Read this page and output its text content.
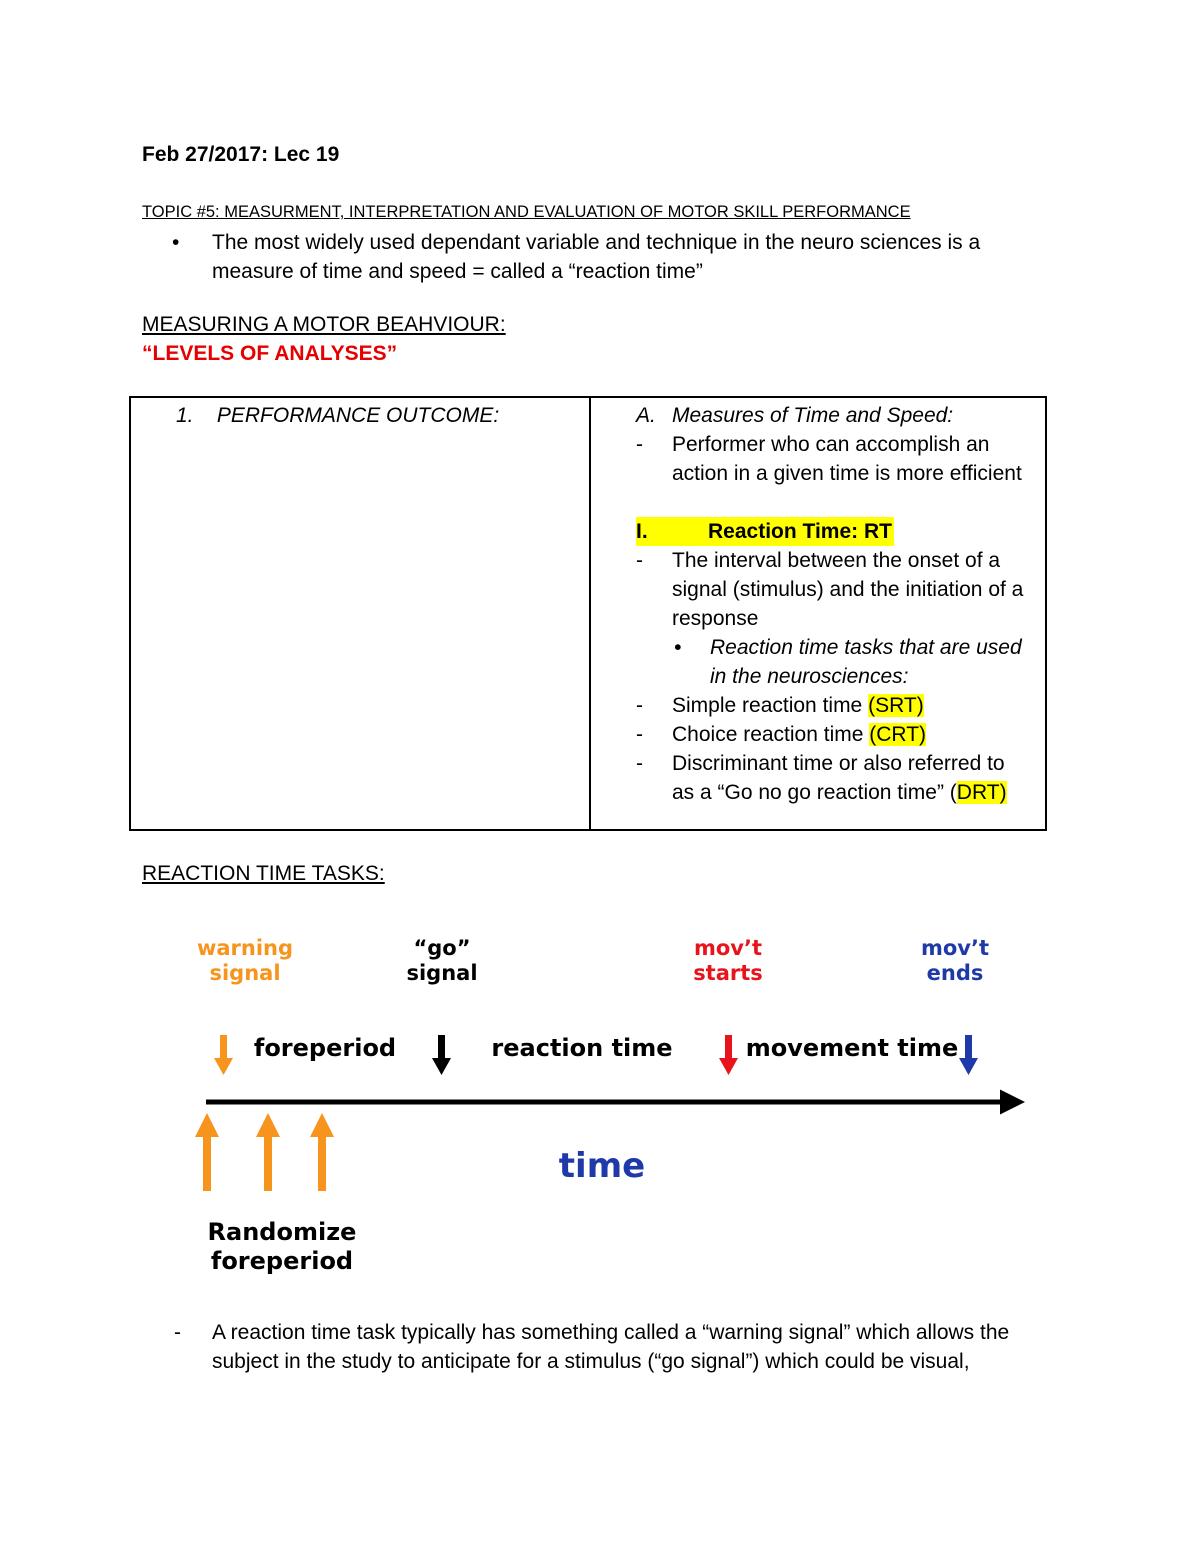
Feb 27/2017: Lec 19
TOPIC #5: MEASURMENT, INTERPRETATION AND EVALUATION OF MOTOR SKILL PERFORMANCE
•	The most widely used dependant variable and technique in the neuro sciences is a
measure of time and speed = called a “reaction time”
MEASURING A MOTOR BEAHVIOUR:
“LEVELS OF ANALYSES”
1. PERFORMANCE OUTCOME:	A. Measures of Time and Speed:
-	Performer who can accomplish an
action in a given time is more efficient
I.	Reaction Time: RT
-	The interval between the onset of a
signal (stimulus) and the initiation of a
response
•	Reaction time tasks that are used
in the neurosciences:
-	Simple reaction time (SRT)
-	Choice reaction time (CRT)
-	Discriminant time or also referred to
as a “Go no go reaction time” (DRT)
REACTION TIME TASKS:
warning
signal
“go”
signal
mov’t
starts
mov’t
ends
foreperiod	reaction time	movement time
time
Randomize
foreperiod
-	A reaction time task typically has something called a “warning signal” which allows the
subject in the study to anticipate for a stimulus (“go signal”) which could be visual,
